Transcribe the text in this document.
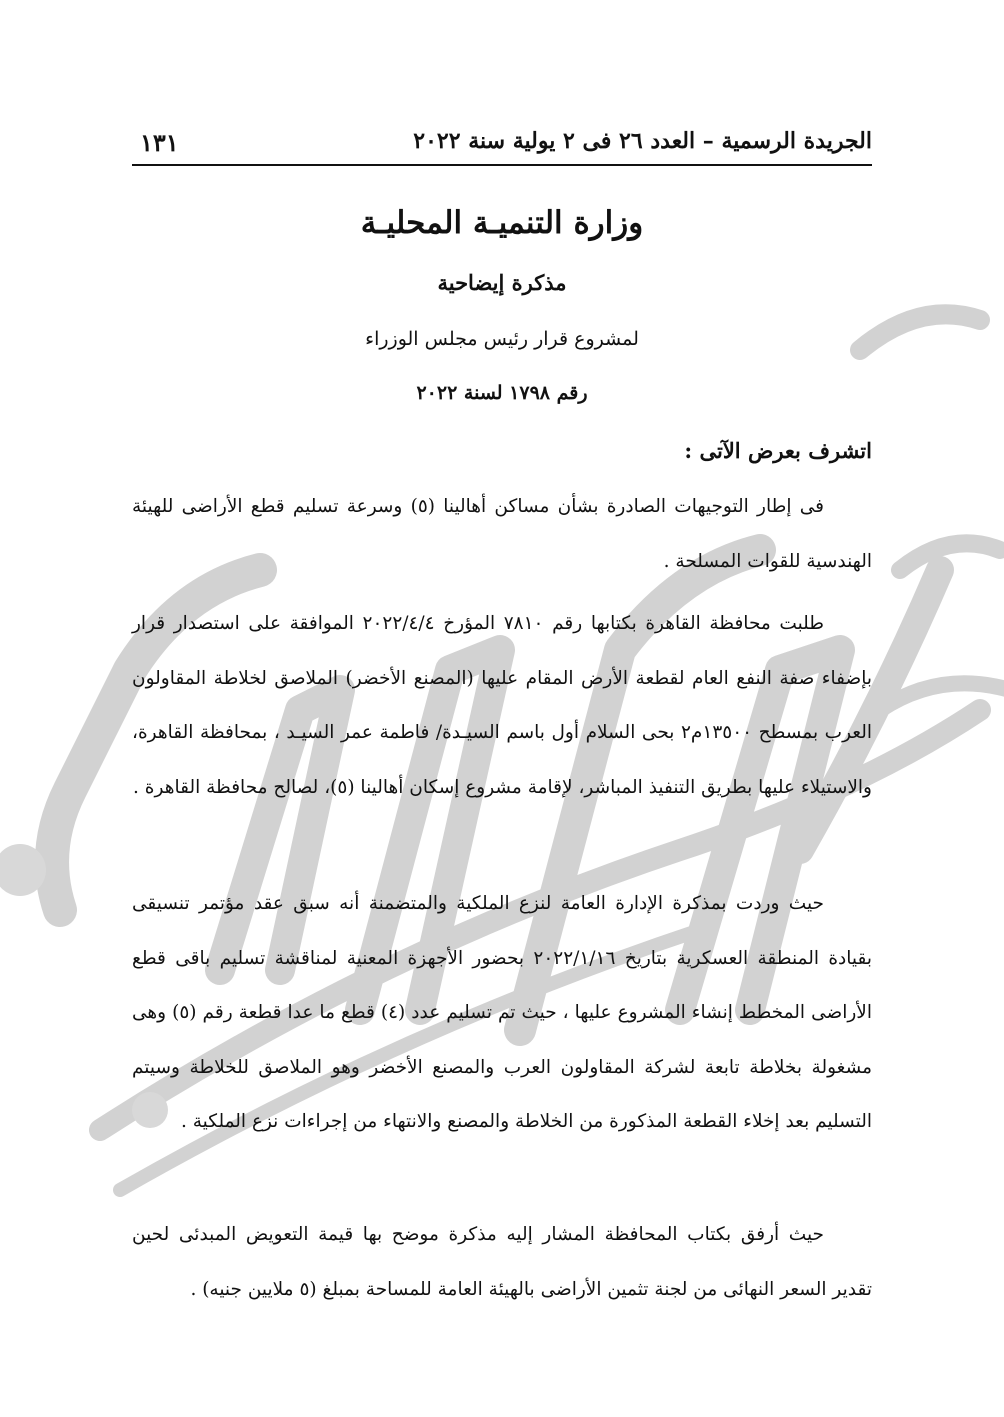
الجريدة الرسمية – العدد ٢٦ فى ٢ يولية سنة ٢٠٢٢
١٣١
وزارة التنميـة المحليـة
مذكرة إيضاحية
لمشروع قرار رئيس مجلس الوزراء
رقم ١٧٩٨ لسنة ٢٠٢٢
اتشرف بعرض الآتى :

فى إطار التوجيهات الصادرة بشأن مساكن أهالينا (٥) وسرعة تسليم قطع الأراضى للهيئة الهندسية للقوات المسلحة .

طلبت محافظة القاهرة بكتابها رقم ٧٨١٠ المؤرخ ٢٠٢٢/٤/٤ الموافقة على استصدار قرار بإضفاء صفة النفع العام لقطعة الأرض المقام عليها (المصنع الأخضر) الملاصق لخلاطة المقاولون العرب بمسطح ١٣٥٠٠م٢ بحى السلام أول باسم السيـدة/ فاطمة عمر السيـد ، بمحافظة القاهرة، والاستيلاء عليها بطريق التنفيذ المباشر، لإقامة مشروع إسكان أهالينا (٥)، لصالح محافظة القاهرة .

حيث وردت بمذكرة الإدارة العامة لنزع الملكية والمتضمنة أنه سبق عقد مؤتمر تنسيقى بقيادة المنطقة العسكرية بتاريخ ٢٠٢٢/١/١٦ بحضور الأجهزة المعنية لمناقشة تسليم باقى قطع الأراضى المخطط إنشاء المشروع عليها ، حيث تم تسليم عدد (٤) قطع ما عدا قطعة رقم (٥) وهى مشغولة بخلاطة تابعة لشركة المقاولون العرب والمصنع الأخضر وهو الملاصق للخلاطة وسيتم التسليم بعد إخلاء القطعة المذكورة من الخلاطة والمصنع والانتهاء من إجراءات نزع الملكية .

حيث أرفق بكتاب المحافظة المشار إليه مذكرة موضح بها قيمة التعويض المبدئى لحين تقدير السعر النهائى من لجنة تثمين الأراضى بالهيئة العامة للمساحة بمبلغ (٥ ملايين جنيه) .
